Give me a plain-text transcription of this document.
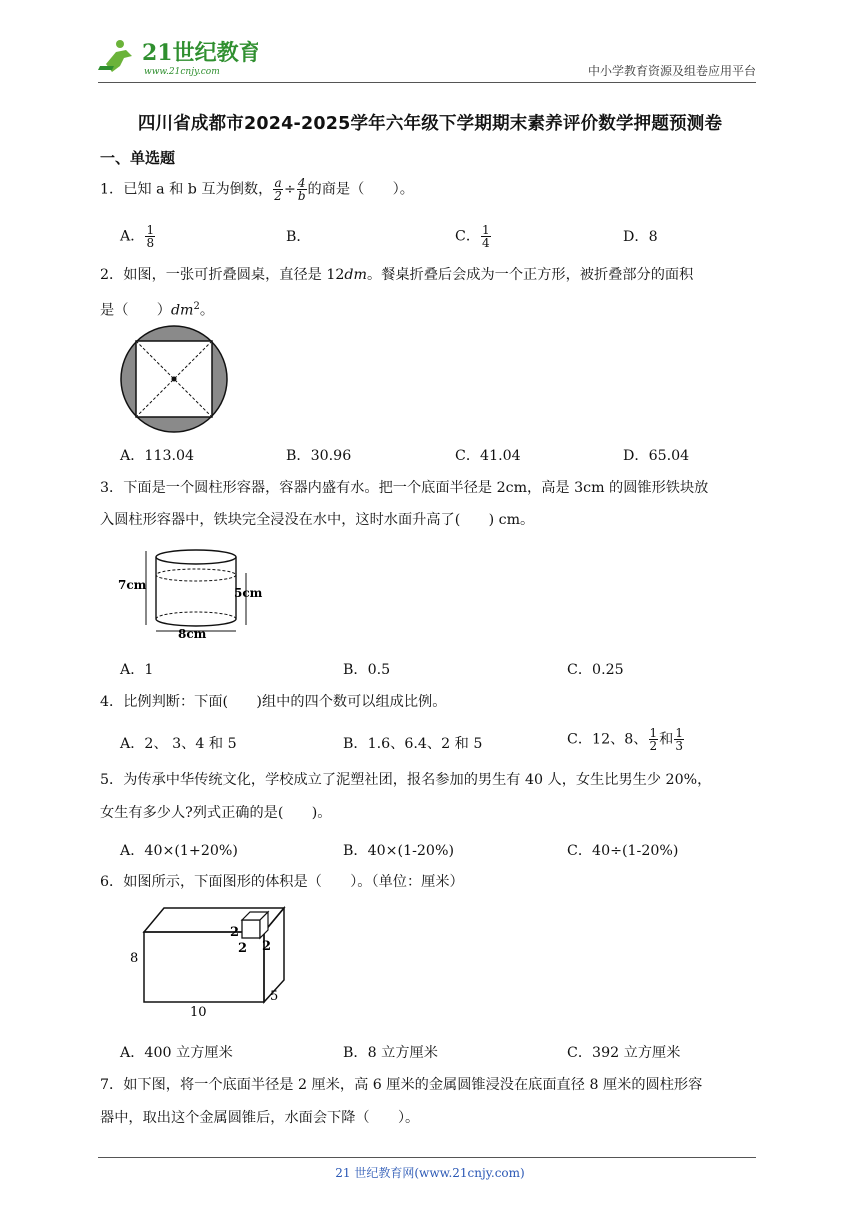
21世纪教育
www.21cnjy.com	中小学教育资源及组卷应用平台
四川省成都市2024-2025学年六年级下学期期末素养评价数学押题预测卷
一、单选题
1．已知 a 和 b 互为倒数， $\frac{a}{2} \div \frac{4}{b}$ 的商是（　　）。
A． $\frac{1}{8}$	B．	C． $\frac{1}{4}$	D．8
2．如图，一张可折叠圆桌，直径是 12dm。餐桌折叠后会成为一个正方形，被折叠部分的面积
是（　　）$dm^2$。
A．113.04	B．30.96	C．41.04	D．65.04
3．下面是一个圆柱形容器，容器内盛有水。把一个底面半径是 2cm，高是 3cm 的圆锥形铁块放
入圆柱形容器中，铁块完全浸没在水中，这时水面升高了(　　) cm。
7cm
5cm
8cm
A．1	B．0.5	C．0.25
4．比例判断：下面(　　)组中的四个数可以组成比例。
A．2、 3、4 和 5	B．1.6、6.4、2 和 5	C．12、8、 $\frac{1}{2}$ 和 $\frac{1}{3}$
5．为传承中华传统文化，学校成立了泥塑社团，报名参加的男生有 40 人，女生比男生少 20%，
女生有多少人?列式正确的是(　　)。
A．40×(1+20%)	B．40×(1-20%)	C．40÷(1-20%)
6．如图所示，下面图形的体积是（　　）。（单位：厘米）
8
10
5
2
2 2
A．400 立方厘米	B．8 立方厘米	C．392 立方厘米
7．如下图，将一个底面半径是 2 厘米，高 6 厘米的金属圆锥浸没在底面直径 8 厘米的圆柱形容
器中，取出这个金属圆锥后，水面会下降（　　）。
21 世纪教育网(www.21cnjy.com)
